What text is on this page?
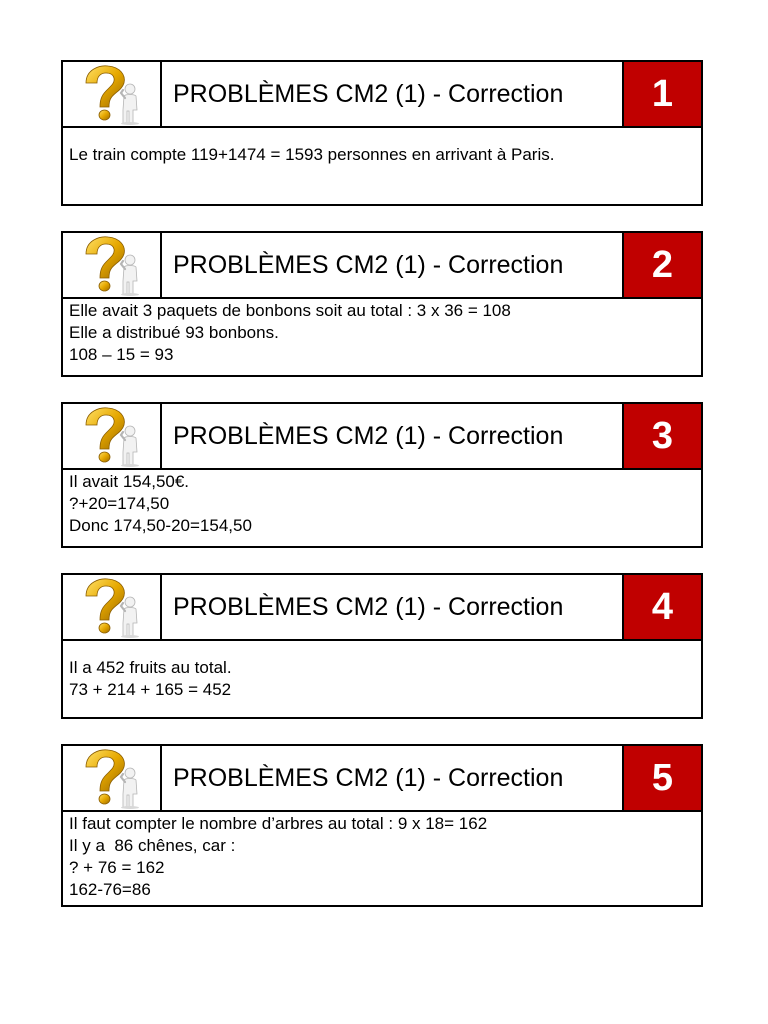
PROBLÈMES CM2 (1) - Correction	1
Le train compte 119+1474 = 1593 personnes en arrivant à Paris.
PROBLÈMES CM2 (1) - Correction	2
Elle avait 3 paquets de bonbons soit au total : 3 x 36 = 108
Elle a distribué 93 bonbons.
108 – 15 = 93
PROBLÈMES CM2 (1) - Correction	3
Il avait 154,50€.
?+20=174,50
Donc 174,50-20=154,50
PROBLÈMES CM2 (1) - Correction	4
Il a 452 fruits au total.
73 + 214 + 165 = 452
PROBLÈMES CM2 (1) - Correction	5
Il faut compter le nombre d’arbres au total : 9 x 18= 162
Il y a  86 chênes, car :
? + 76 = 162
162-76=86
